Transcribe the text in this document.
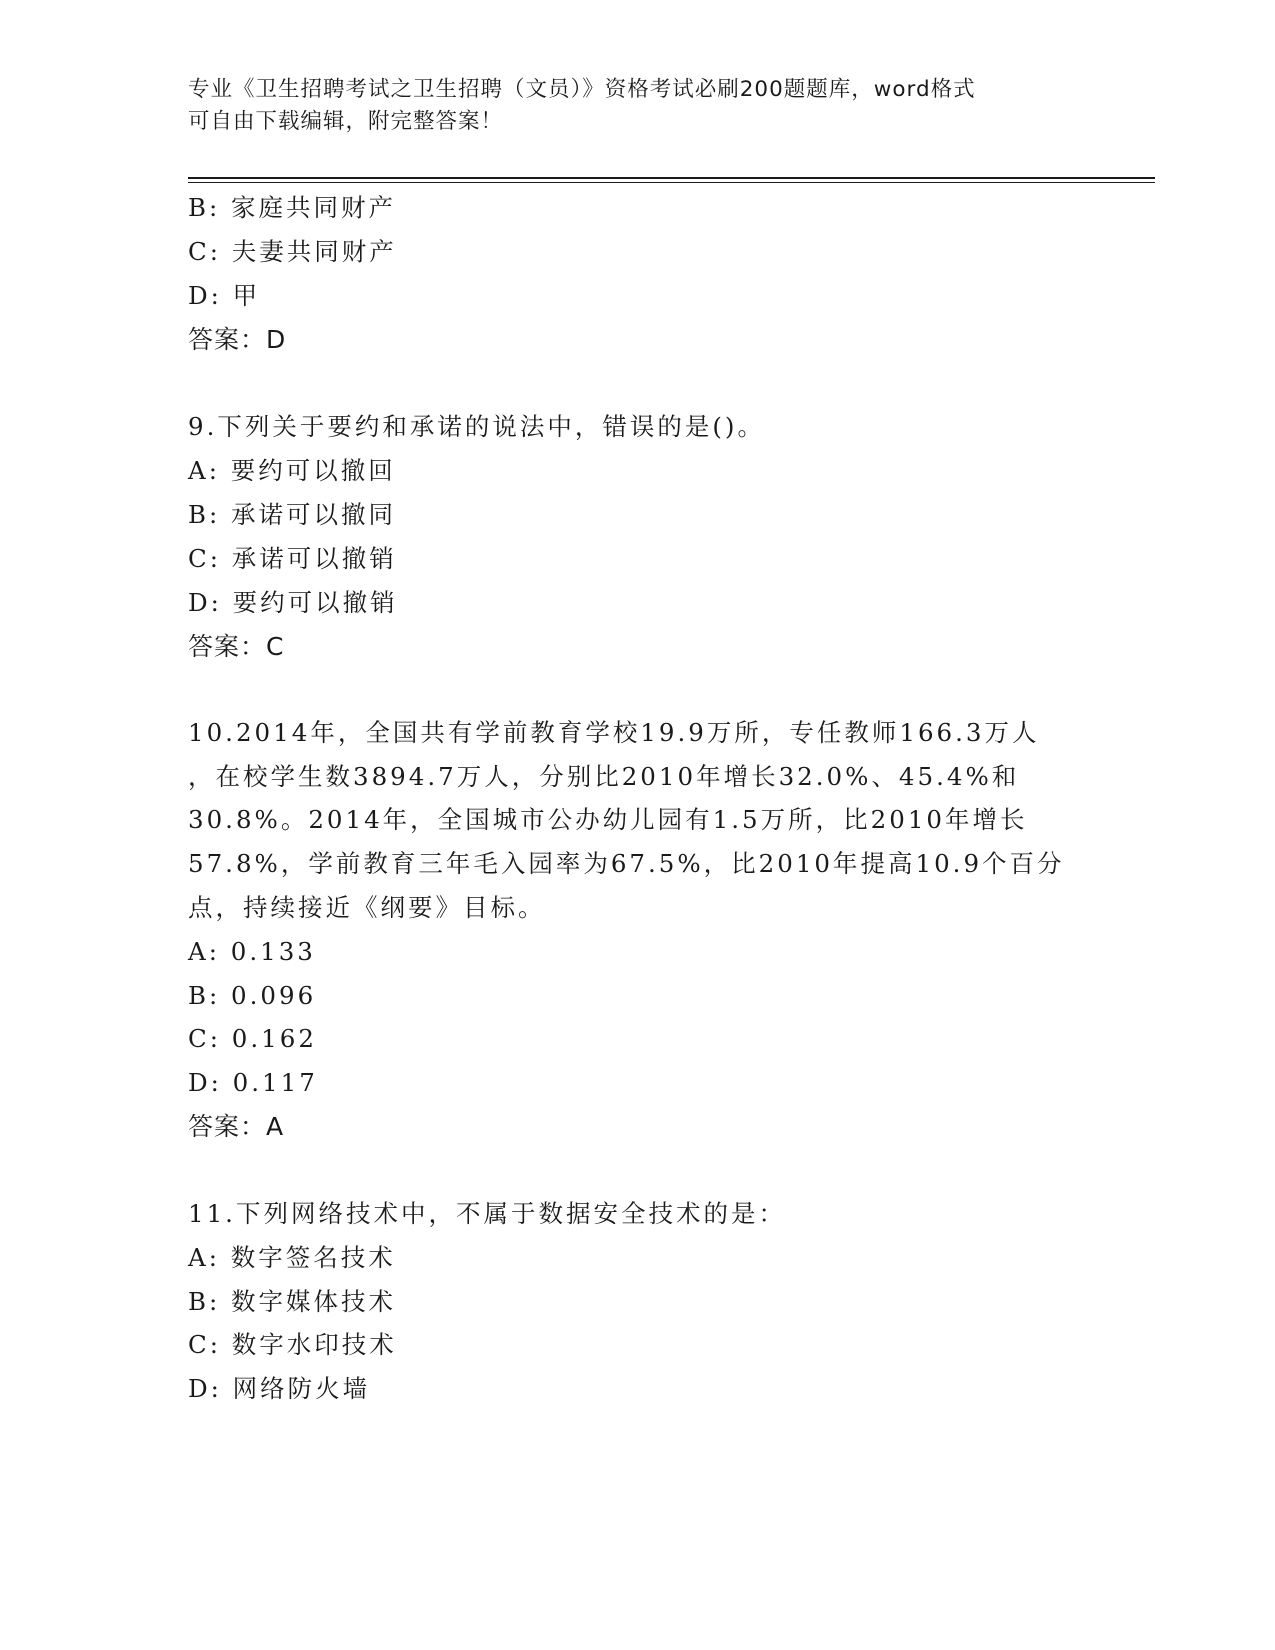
专业《卫生招聘考试之卫生招聘（文员）》资格考试必刷200题题库，word格式
可自由下载编辑，附完整答案！
B: 家庭共同财产
C: 夫妻共同财产
D: 甲
答案：D
9.下列关于要约和承诺的说法中，错误的是()。
A: 要约可以撤回
B: 承诺可以撤同
C: 承诺可以撤销
D: 要约可以撤销
答案：C
10.2014年，全国共有学前教育学校19.9万所，专任教师166.3万人
，在校学生数3894.7万人，分别比2010年增长32.0%、45.4%和
30.8%。2014年，全国城市公办幼儿园有1.5万所，比2010年增长
57.8%，学前教育三年毛入园率为67.5%，比2010年提高10.9个百分
点，持续接近《纲要》目标。
A: 0.133
B: 0.096
C: 0.162
D: 0.117
答案：A
11.下列网络技术中，不属于数据安全技术的是：
A: 数字签名技术
B: 数字媒体技术
C: 数字水印技术
D: 网络防火墙
